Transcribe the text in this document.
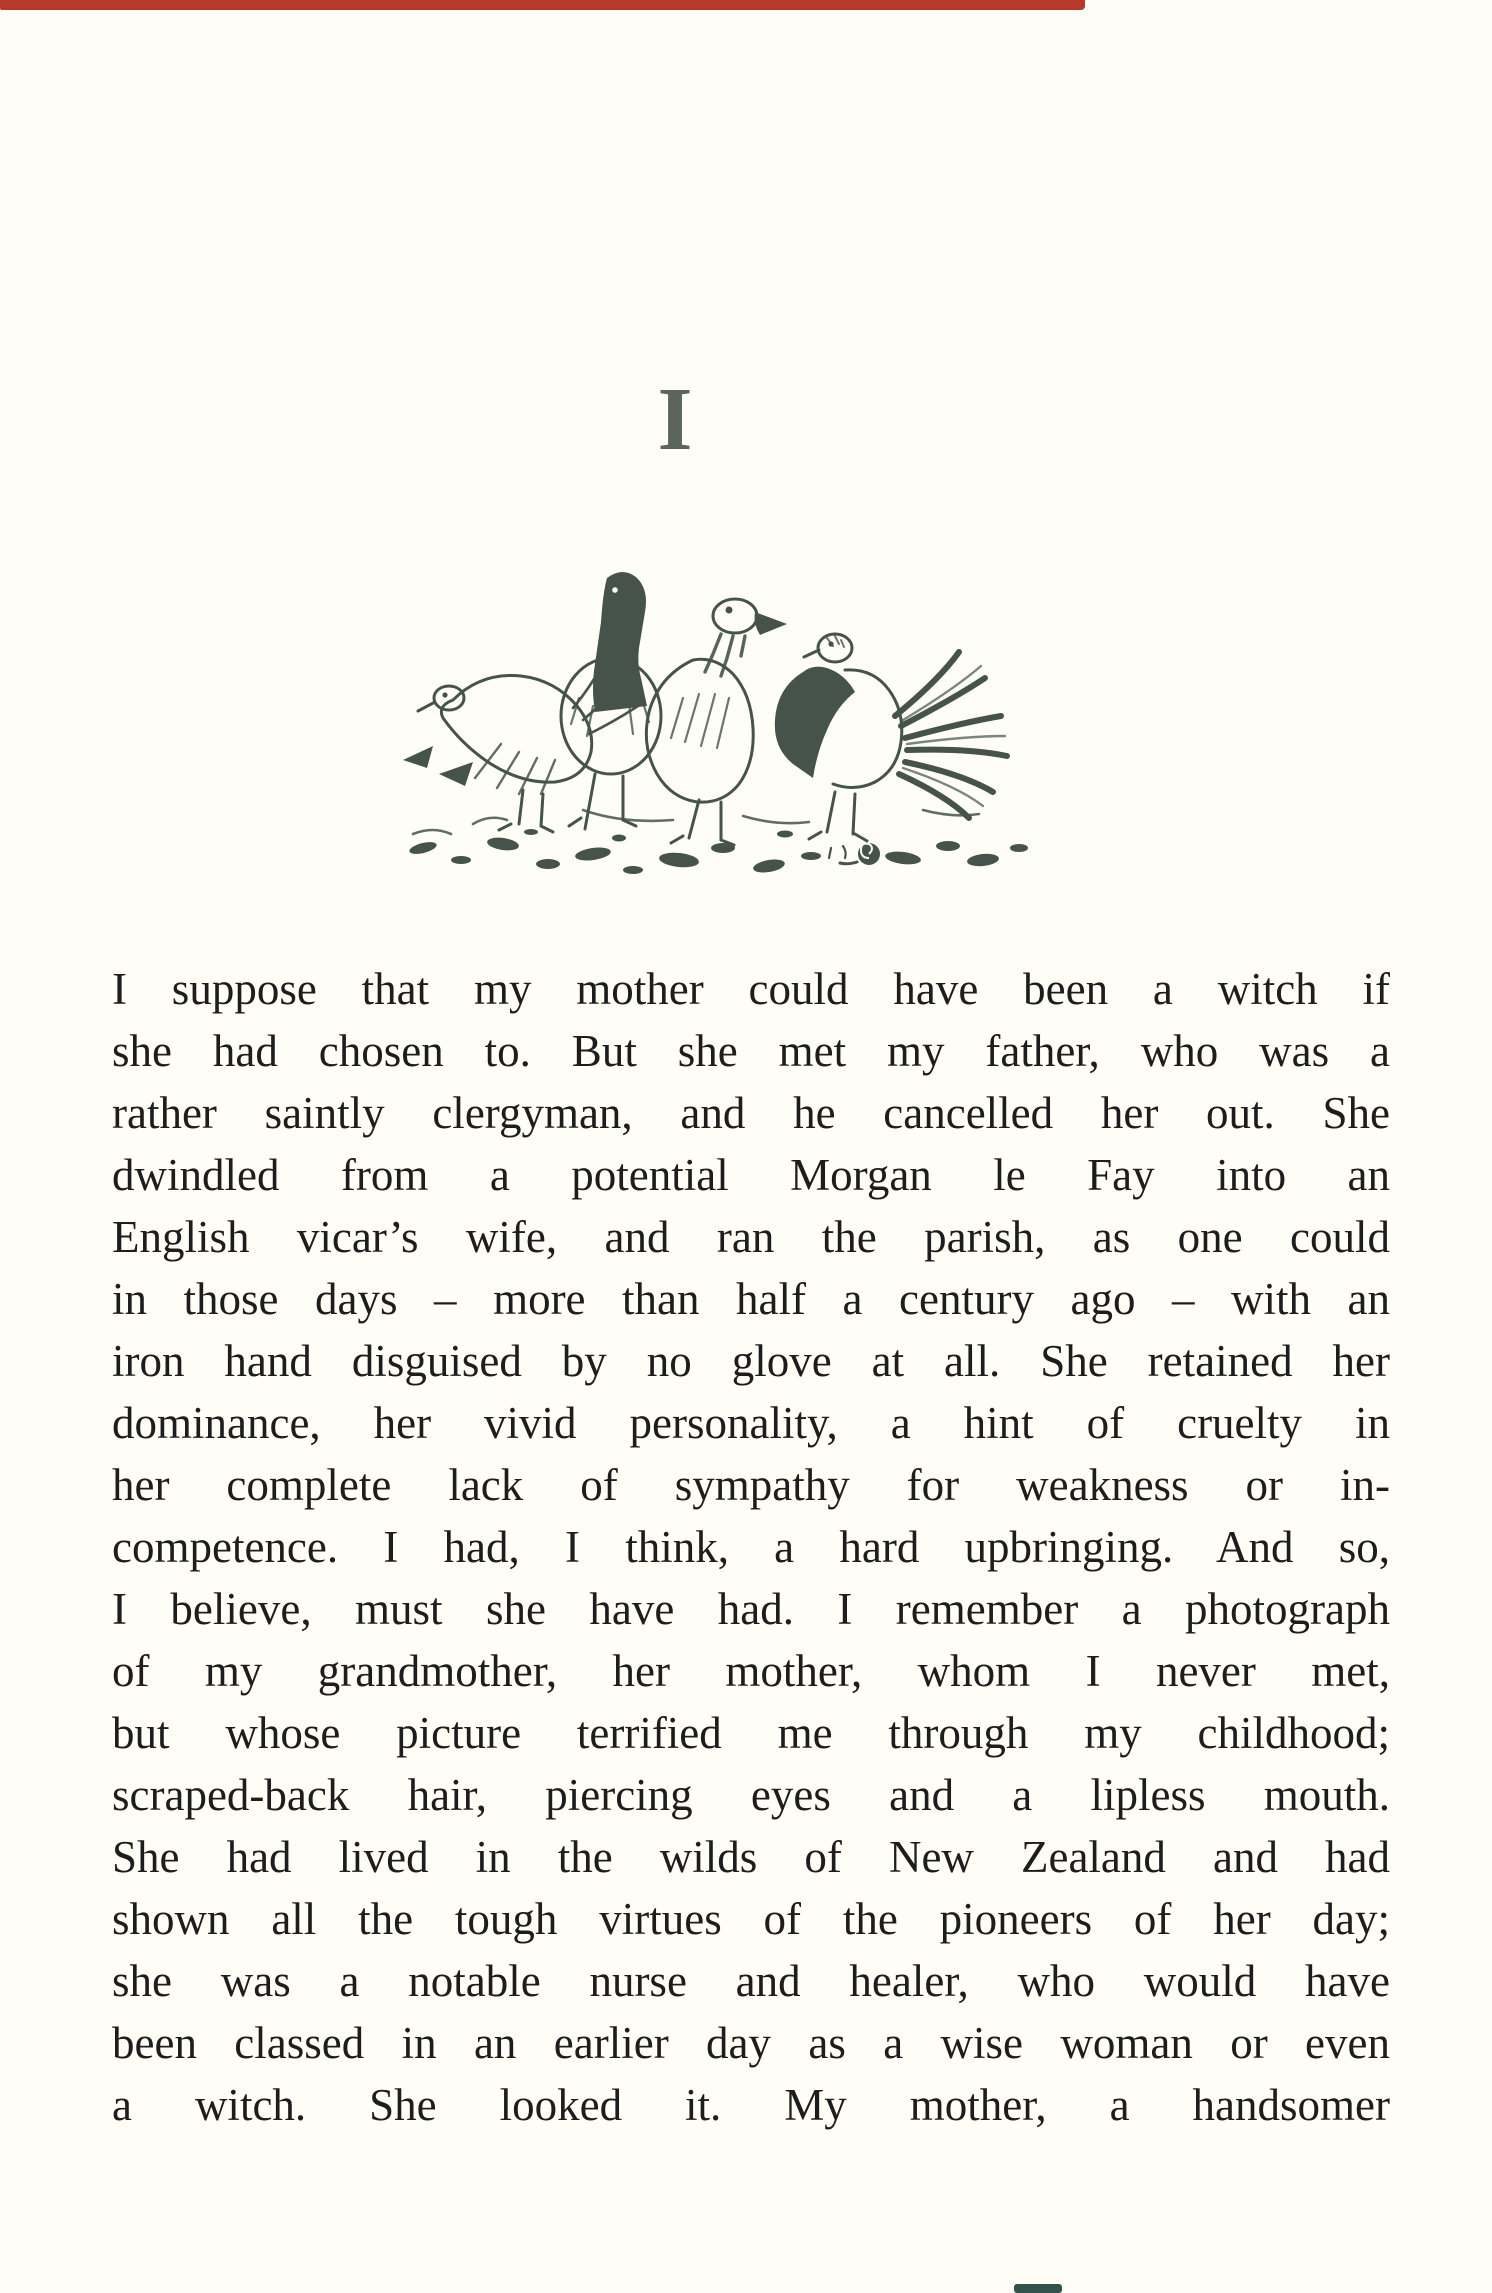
I
I suppose that my mother could have been a witch if
she had chosen to. But she met my father, who was a
rather saintly clergyman, and he cancelled her out. She
dwindled from a potential Morgan le Fay into an
English vicar’s wife, and ran the parish, as one could
in those days – more than half a century ago – with an
iron hand disguised by no glove at all. She retained her
dominance, her vivid personality, a hint of cruelty in
her complete lack of sympathy for weakness or in-
competence. I had, I think, a hard upbringing. And so,
I believe, must she have had. I remember a photograph
of my grandmother, her mother, whom I never met,
but whose picture terrified me through my childhood;
scraped-back hair, piercing eyes and a lipless mouth.
She had lived in the wilds of New Zealand and had
shown all the tough virtues of the pioneers of her day;
she was a notable nurse and healer, who would have
been classed in an earlier day as a wise woman or even
a witch. She looked it. My mother, a handsomer
